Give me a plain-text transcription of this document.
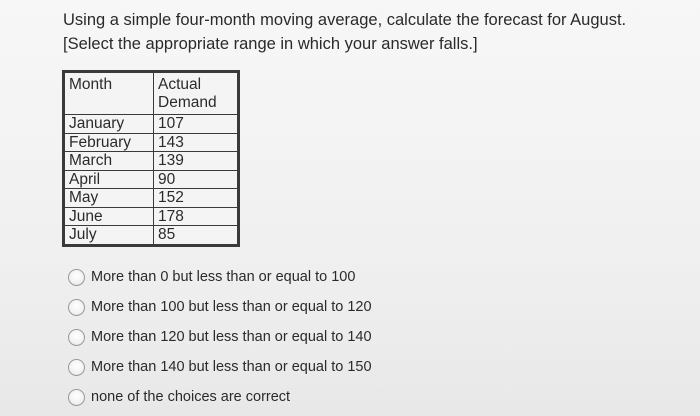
Using a simple four-month moving average, calculate the forecast for August. [Select the appropriate range in which your answer falls.]
Month	Actual Demand
January	107
February	143
March	139
April	90
May	152
June	178
July	85
More than 0 but less than or equal to 100
More than 100 but less than or equal to 120
More than 120 but less than or equal to 140
More than 140 but less than or equal to 150
none of the choices are correct
